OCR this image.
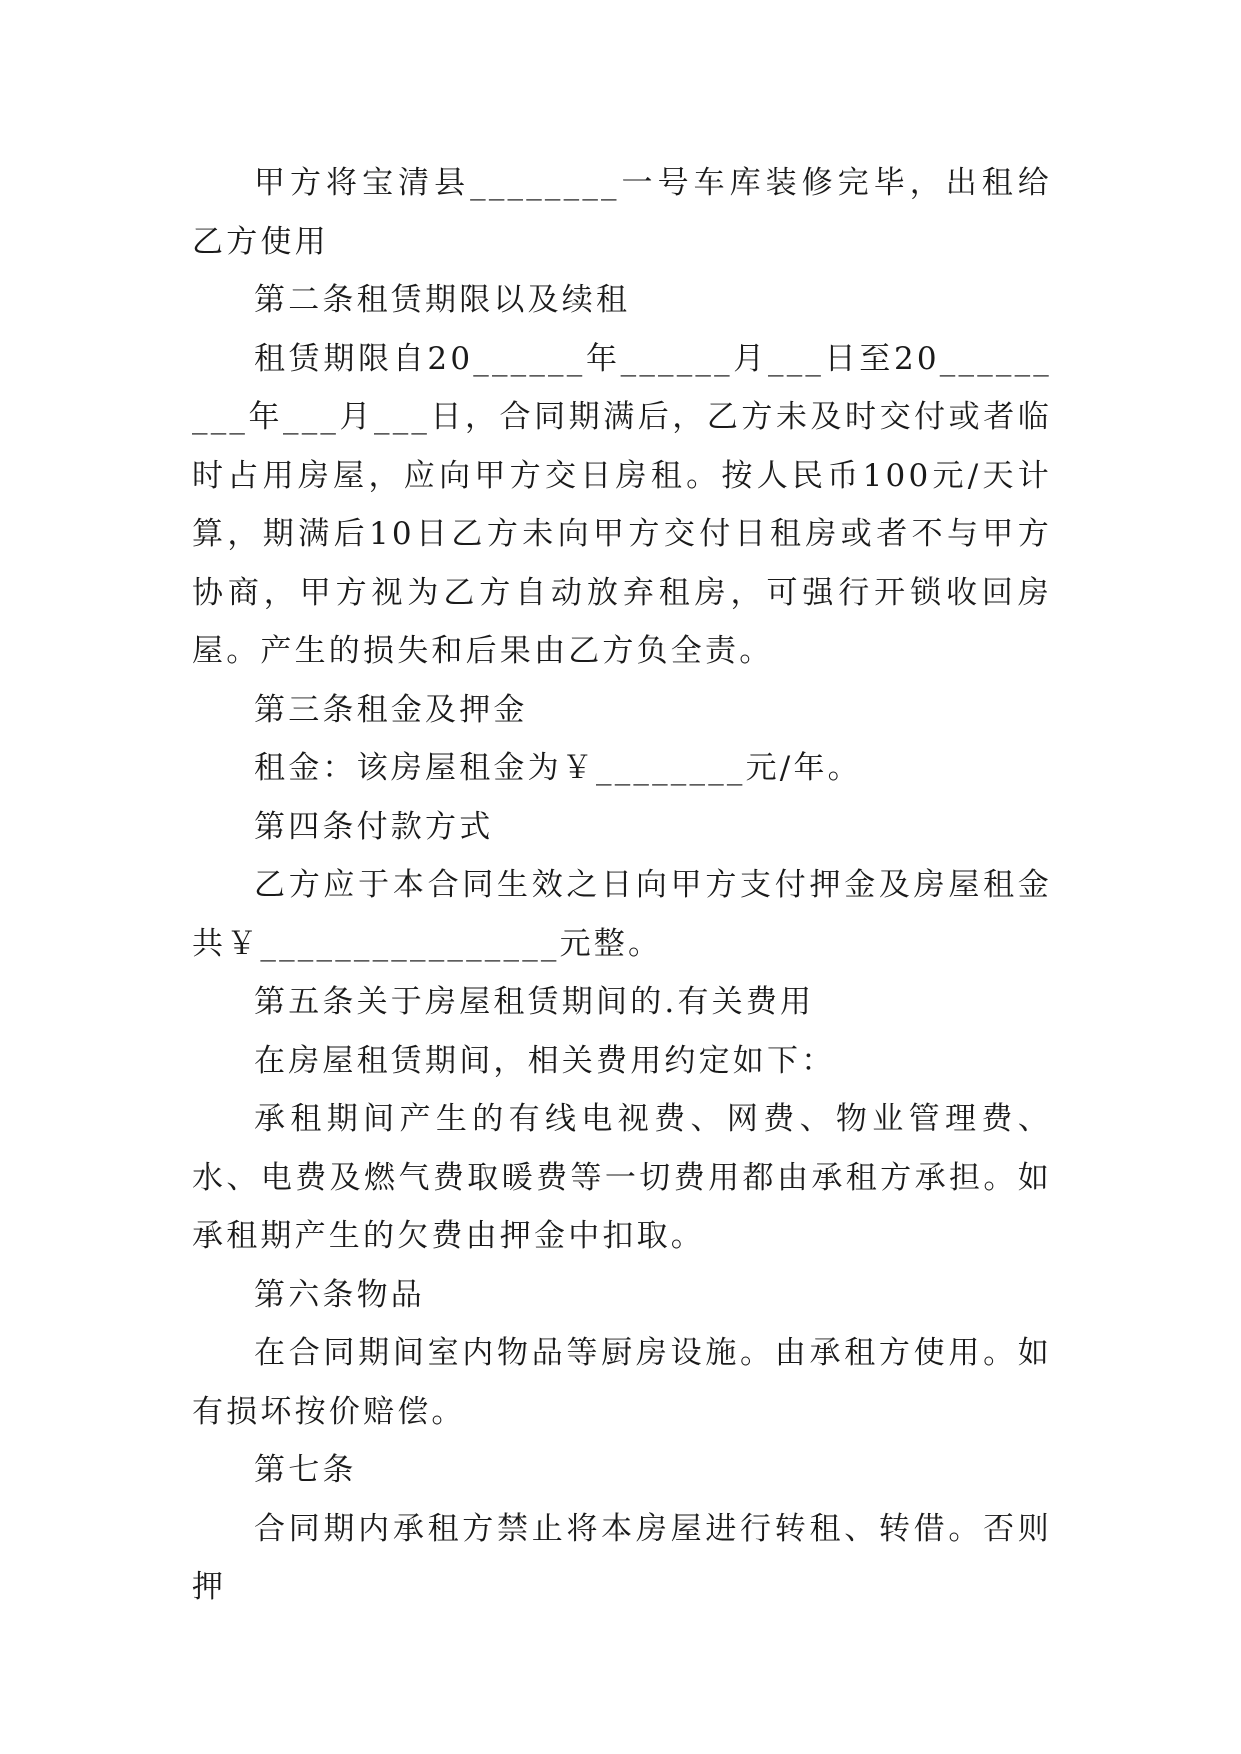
甲方将宝清县________一号车库装修完毕，出租给乙方使用

第二条租赁期限以及续租

租赁期限自20______年______月___日至20_________年___月___日，合同期满后，乙方未及时交付或者临时占用房屋，应向甲方交日房租。按人民币100元/天计算，期满后10日乙方未向甲方交付日租房或者不与甲方协商，甲方视为乙方自动放弃租房，可强行开锁收回房屋。产生的损失和后果由乙方负全责。

第三条租金及押金

租金：该房屋租金为￥________元/年。

第四条付款方式

乙方应于本合同生效之日向甲方支付押金及房屋租金共￥________________元整。

第五条关于房屋租赁期间的.有关费用

在房屋租赁期间，相关费用约定如下：

承租期间产生的有线电视费、网费、物业管理费、水、电费及燃气费取暖费等一切费用都由承租方承担。如承租期产生的欠费由押金中扣取。

第六条物品

在合同期间室内物品等厨房设施。由承租方使用。如有损坏按价赔偿。

第七条

合同期内承租方禁止将本房屋进行转租、转借。否则押
